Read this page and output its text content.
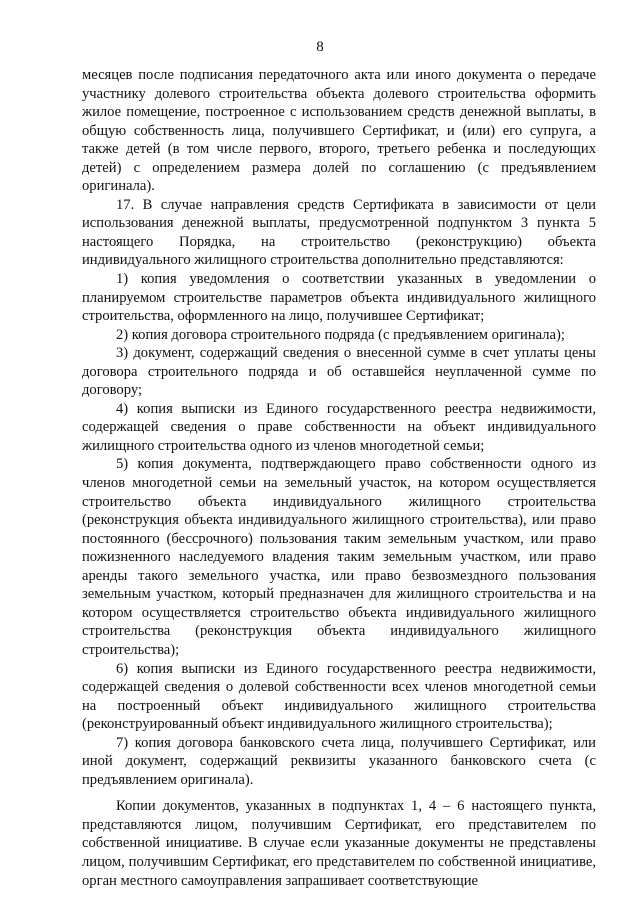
8

месяцев после подписания передаточного акта или иного документа о передаче участнику долевого строительства объекта долевого строительства оформить жилое помещение, построенное с использованием средств денежной выплаты, в общую собственность лица, получившего Сертификат, и (или) его супруга, а также детей (в том числе первого, второго, третьего ребенка и последующих детей) с определением размера долей по соглашению (с предъявлением оригинала).

17. В случае направления средств Сертификата в зависимости от цели использования денежной выплаты, предусмотренной подпунктом 3 пункта 5 настоящего Порядка, на строительство (реконструкцию) объекта индивидуального жилищного строительства дополнительно представляются:

1) копия уведомления о соответствии указанных в уведомлении о планируемом строительстве параметров объекта индивидуального жилищного строительства, оформленного на лицо, получившее Сертификат;

2) копия договора строительного подряда (с предъявлением оригинала);

3) документ, содержащий сведения о внесенной сумме в счет уплаты цены договора строительного подряда и об оставшейся неуплаченной сумме по договору;

4) копия выписки из Единого государственного реестра недвижимости, содержащей сведения о праве собственности на объект индивидуального жилищного строительства одного из членов многодетной семьи;

5) копия документа, подтверждающего право собственности одного из членов многодетной семьи на земельный участок, на котором осуществляется строительство объекта индивидуального жилищного строительства (реконструкция объекта индивидуального жилищного строительства), или право постоянного (бессрочного) пользования таким земельным участком, или право пожизненного наследуемого владения таким земельным участком, или право аренды такого земельного участка, или право безвозмездного пользования земельным участком, который предназначен для жилищного строительства и на котором осуществляется строительство объекта индивидуального жилищного строительства (реконструкция объекта индивидуального жилищного строительства);

6) копия выписки из Единого государственного реестра недвижимости, содержащей сведения о долевой собственности всех членов многодетной семьи на построенный объект индивидуального жилищного строительства (реконструированный объект индивидуального жилищного строительства);

7) копия договора банковского счета лица, получившего Сертификат, или иной документ, содержащий реквизиты указанного банковского счета (с предъявлением оригинала).

Копии документов, указанных в подпунктах 1, 4 – 6 настоящего пункта, представляются лицом, получившим Сертификат, его представителем по собственной инициативе. В случае если указанные документы не представлены лицом, получившим Сертификат, его представителем по собственной инициативе, орган местного самоуправления запрашивает соответствующие
